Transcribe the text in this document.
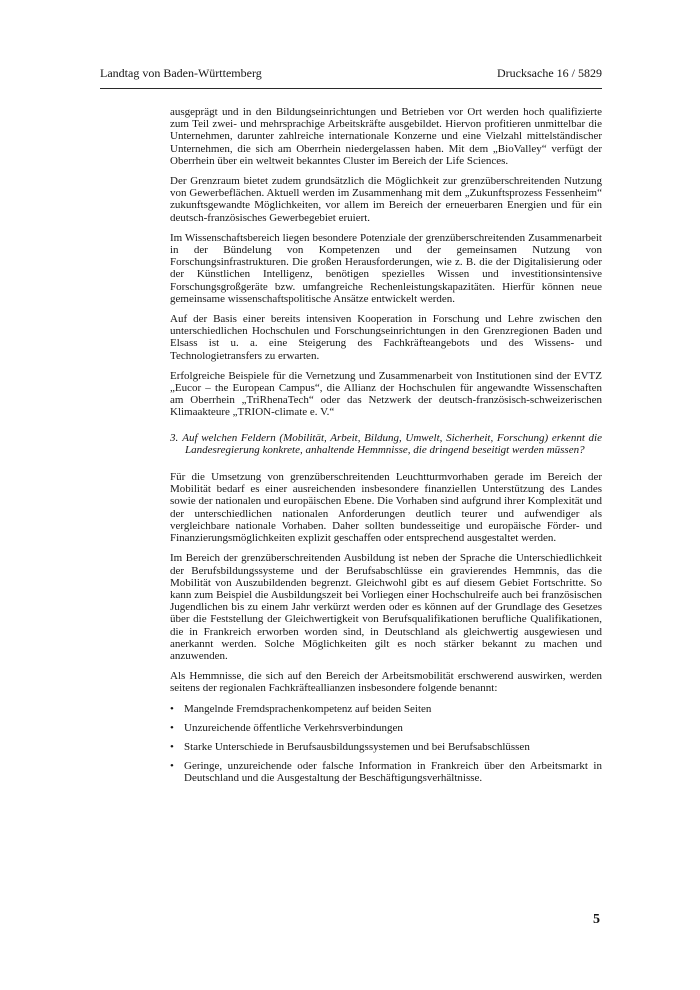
Landtag von Baden-Württemberg	Drucksache 16 / 5829

ausgeprägt und in den Bildungseinrichtungen und Betrieben vor Ort werden hoch qualifizierte zum Teil zwei- und mehrsprachige Arbeitskräfte ausgebildet. Hiervon profitieren unmittelbar die Unternehmen, darunter zahlreiche internationale Konzerne und eine Vielzahl mittelständischer Unternehmen, die sich am Oberrhein niedergelassen haben. Mit dem „BioValley“ verfügt der Oberrhein über ein weltweit bekanntes Cluster im Bereich der Life Sciences.

Der Grenzraum bietet zudem grundsätzlich die Möglichkeit zur grenzüberschreitenden Nutzung von Gewerbeflächen. Aktuell werden im Zusammenhang mit dem „Zukunftsprozess Fessenheim“ zukunftsgewandte Möglichkeiten, vor allem im Bereich der erneuerbaren Energien und für ein deutsch-französisches Gewerbegebiet eruiert.

Im Wissenschaftsbereich liegen besondere Potenziale der grenzüberschreitenden Zusammenarbeit in der Bündelung von Kompetenzen und der gemeinsamen Nutzung von Forschungsinfrastrukturen. Die großen Herausforderungen, wie z. B. die der Digitalisierung oder der Künstlichen Intelligenz, benötigen spezielles Wissen und investitionsintensive Forschungsgroßgeräte bzw. umfangreiche Rechenleistungskapazitäten. Hierfür können neue gemeinsame wissenschaftspolitische Ansätze entwickelt werden.

Auf der Basis einer bereits intensiven Kooperation in Forschung und Lehre zwischen den unterschiedlichen Hochschulen und Forschungseinrichtungen in den Grenzregionen Baden und Elsass ist u. a. eine Steigerung des Fachkräfteangebots und des Wissens- und Technologietransfers zu erwarten.

Erfolgreiche Beispiele für die Vernetzung und Zusammenarbeit von Institutionen sind der EVTZ „Eucor – the European Campus“, die Allianz der Hochschulen für angewandte Wissenschaften am Oberrhein „TriRhenaTech“ oder das Netzwerk der deutsch-französisch-schweizerischen Klimaakteure „TRION-climate e. V.“

3. Auf welchen Feldern (Mobilität, Arbeit, Bildung, Umwelt, Sicherheit, Forschung) erkennt die Landesregierung konkrete, anhaltende Hemmnisse, die dringend beseitigt werden müssen?

Für die Umsetzung von grenzüberschreitenden Leuchtturmvorhaben gerade im Bereich der Mobilität bedarf es einer ausreichenden insbesondere finanziellen Unterstützung des Landes sowie der nationalen und europäischen Ebene. Die Vorhaben sind aufgrund ihrer Komplexität und der unterschiedlichen nationalen Anforderungen deutlich teurer und aufwendiger als vergleichbare nationale Vorhaben. Daher sollten bundesseitige und europäische Förder- und Finanzierungsmöglichkeiten explizit geschaffen oder entsprechend ausgestaltet werden.

Im Bereich der grenzüberschreitenden Ausbildung ist neben der Sprache die Unterschiedlichkeit der Berufsbildungssysteme und der Berufsabschlüsse ein gravierendes Hemmnis, das die Mobilität von Auszubildenden begrenzt. Gleichwohl gibt es auf diesem Gebiet Fortschritte. So kann zum Beispiel die Ausbildungszeit bei Vorliegen einer Hochschulreife auch bei französischen Jugendlichen bis zu einem Jahr verkürzt werden oder es können auf der Grundlage des Gesetzes über die Feststellung der Gleichwertigkeit von Berufsqualifikationen berufliche Qualifikationen, die in Frankreich erworben worden sind, in Deutschland als gleichwertig ausgewiesen und anerkannt werden. Solche Möglichkeiten gilt es noch stärker bekannt zu machen und anzuwenden.

Als Hemmnisse, die sich auf den Bereich der Arbeitsmobilität erschwerend auswirken, werden seitens der regionalen Fachkräfteallianzen insbesondere folgende benannt:

• Mangelnde Fremdsprachenkompetenz auf beiden Seiten
• Unzureichende öffentliche Verkehrsverbindungen
• Starke Unterschiede in Berufsausbildungssystemen und bei Berufsabschlüssen
• Geringe, unzureichende oder falsche Information in Frankreich über den Arbeitsmarkt in Deutschland und die Ausgestaltung der Beschäftigungsverhältnisse.
5
